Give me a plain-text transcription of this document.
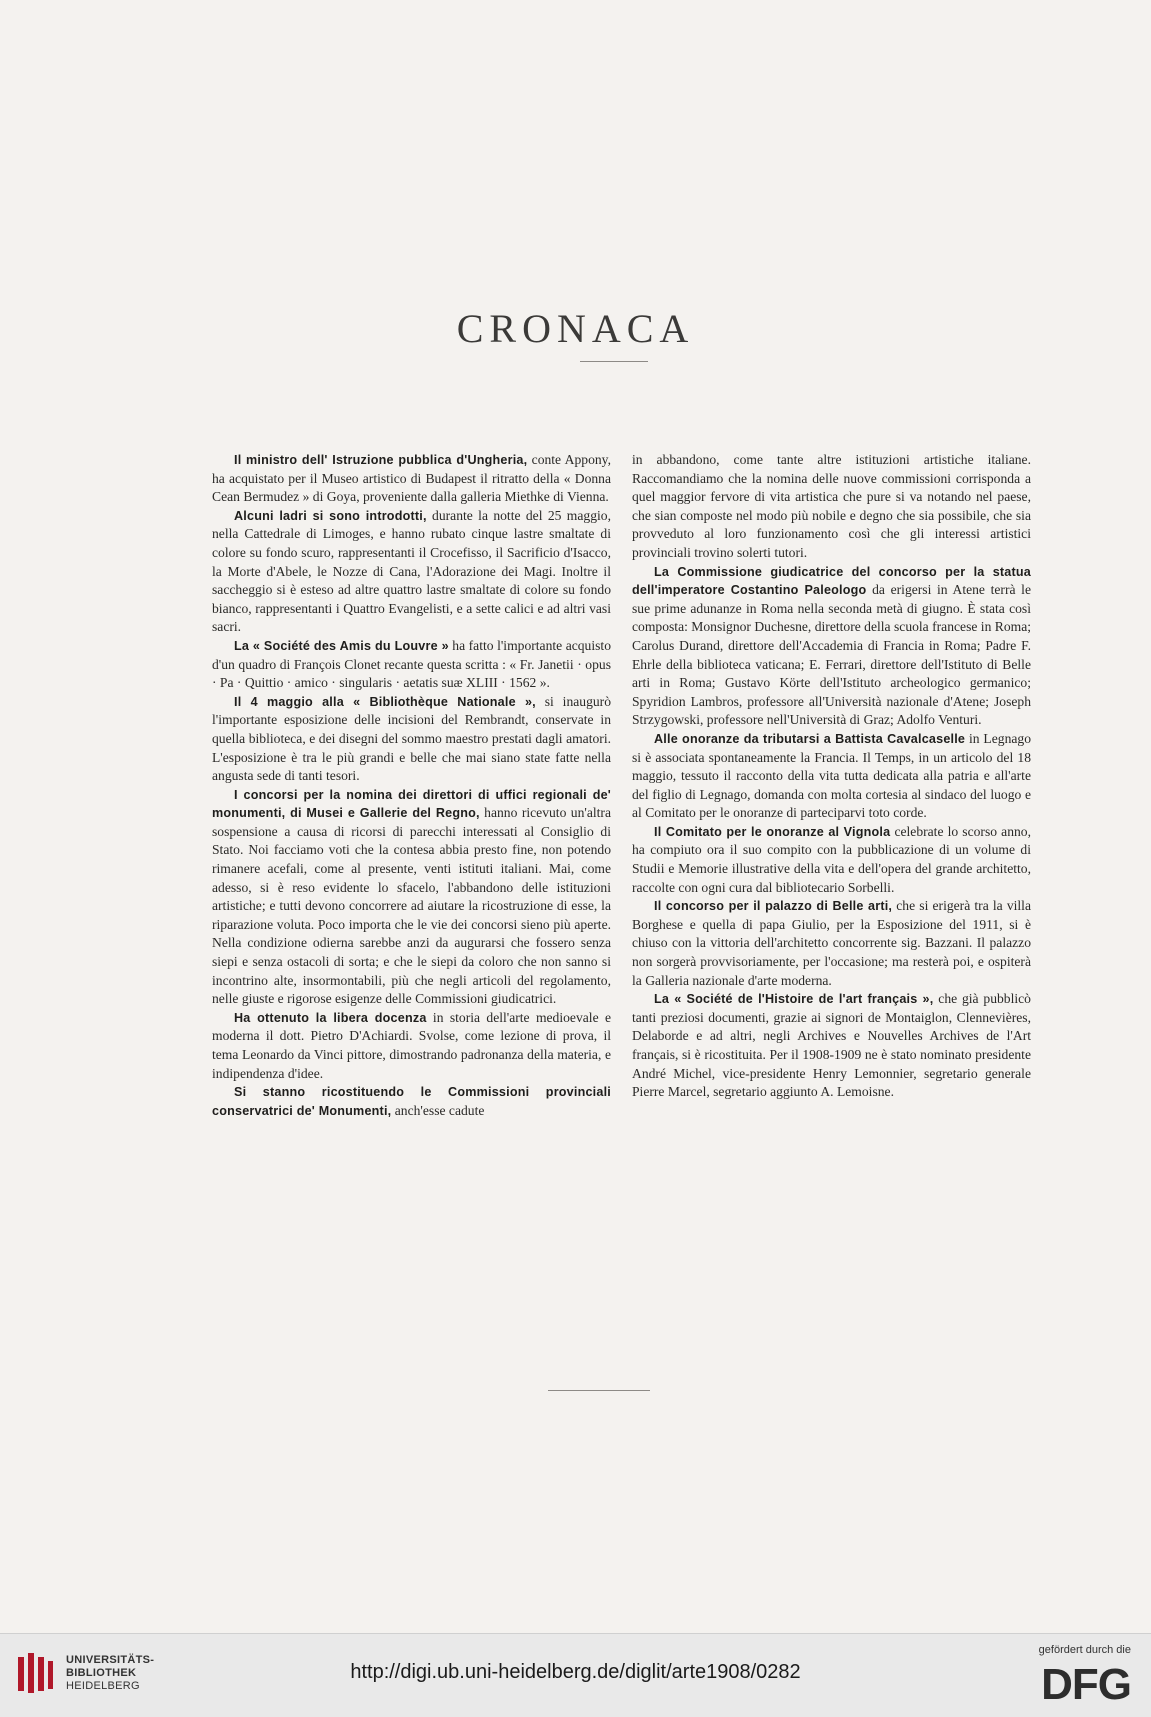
CRONACA

Il ministro dell' Istruzione pubblica d'Ungheria, conte Appony, ha acquistato per il Museo artistico di Budapest il ritratto della « Donna Cean Bermudez » di Goya, proveniente dalla galleria Miethke di Vienna.

Alcuni ladri si sono introdotti, durante la notte del 25 maggio, nella Cattedrale di Limoges, e hanno rubato cinque lastre smaltate di colore su fondo scuro, rappresentanti il Crocefisso, il Sacrificio d'Isacco, la Morte d'Abele, le Nozze di Cana, l'Adorazione dei Magi. Inoltre il saccheggio si è esteso ad altre quattro lastre smaltate di colore su fondo bianco, rappresentanti i Quattro Evangelisti, e a sette calici e ad altri vasi sacri.

La « Société des Amis du Louvre » ha fatto l'importante acquisto d'un quadro di François Clonet recante questa scritta : « Fr. Janetii · opus · Pa · Quittio · amico · singularis · aetatis suæ XLIII · 1562 ».

Il 4 maggio alla « Bibliothèque Nationale », si inaugurò l'importante esposizione delle incisioni del Rembrandt, conservate in quella biblioteca, e dei disegni del sommo maestro prestati dagli amatori. L'esposizione è tra le più grandi e belle che mai siano state fatte nella angusta sede di tanti tesori.

I concorsi per la nomina dei direttori di uffici regionali de' monumenti, di Musei e Gallerie del Regno, hanno ricevuto un'altra sospensione a causa di ricorsi di parecchi interessati al Consiglio di Stato. Noi facciamo voti che la contesa abbia presto fine, non potendo rimanere acefali, come al presente, venti istituti italiani. Mai, come adesso, si è reso evidente lo sfacelo, l'abbandono delle istituzioni artistiche; e tutti devono concorrere ad aiutare la ricostruzione di esse, la riparazione voluta. Poco importa che le vie dei concorsi sieno più aperte. Nella condizione odierna sarebbe anzi da augurarsi che fossero senza siepi e senza ostacoli di sorta; e che le siepi da coloro che non sanno si incontrino alte, insormontabili, più che negli articoli del regolamento, nelle giuste e rigorose esigenze delle Commissioni giudicatrici.

Ha ottenuto la libera docenza in storia dell'arte medioevale e moderna il dott. Pietro D'Achiardi. Svolse, come lezione di prova, il tema Leonardo da Vinci pittore, dimostrando padronanza della materia, e indipendenza d'idee.

Si stanno ricostituendo le Commissioni provinciali conservatrici de' Monumenti, anch'esse cadute

in abbandono, come tante altre istituzioni artistiche italiane. Raccomandiamo che la nomina delle nuove commissioni corrisponda a quel maggior fervore di vita artistica che pure si va notando nel paese, che sian composte nel modo più nobile e degno che sia possibile, che sia provveduto al loro funzionamento così che gli interessi artistici provinciali trovino solerti tutori.

La Commissione giudicatrice del concorso per la statua dell'imperatore Costantino Paleologo da erigersi in Atene terrà le sue prime adunanze in Roma nella seconda metà di giugno. È stata così composta: Monsignor Duchesne, direttore della scuola francese in Roma; Carolus Durand, direttore dell'Accademia di Francia in Roma; Padre F. Ehrle della biblioteca vaticana; E. Ferrari, direttore dell'Istituto di Belle arti in Roma; Gustavo Körte dell'Istituto archeologico germanico; Spyridion Lambros, professore all'Università nazionale d'Atene; Joseph Strzygowski, professore nell'Università di Graz; Adolfo Venturi.

Alle onoranze da tributarsi a Battista Cavalcaselle in Legnago si è associata spontaneamente la Francia. Il Temps, in un articolo del 18 maggio, tessuto il racconto della vita tutta dedicata alla patria e all'arte del figlio di Legnago, domanda con molta cortesia al sindaco del luogo e al Comitato per le onoranze di parteciparvi toto corde.

Il Comitato per le onoranze al Vignola celebrate lo scorso anno, ha compiuto ora il suo compito con la pubblicazione di un volume di Studii e Memorie illustrative della vita e dell'opera del grande architetto, raccolte con ogni cura dal bibliotecario Sorbelli.

Il concorso per il palazzo di Belle arti, che si erigerà tra la villa Borghese e quella di papa Giulio, per la Esposizione del 1911, si è chiuso con la vittoria dell'architetto concorrente sig. Bazzani. Il palazzo non sorgerà provvisoriamente, per l'occasione; ma resterà poi, e ospiterà la Galleria nazionale d'arte moderna.

La « Société de l'Histoire de l'art français », che già pubblicò tanti preziosi documenti, grazie ai signori de Montaiglon, Clennevières, Delaborde e ad altri, negli Archives e Nouvelles Archives de l'Art français, si è ricostituita. Per il 1908-1909 ne è stato nominato presidente André Michel, vice-presidente Henry Lemonnier, segretario generale Pierre Marcel, segretario aggiunto A. Lemoisne.

UNIVERSITÄTS-
BIBLIOTHEK
HEIDELBERG
http://digi.ub.uni-heidelberg.de/diglit/arte1908/0282
gefördert durch die
DFG
